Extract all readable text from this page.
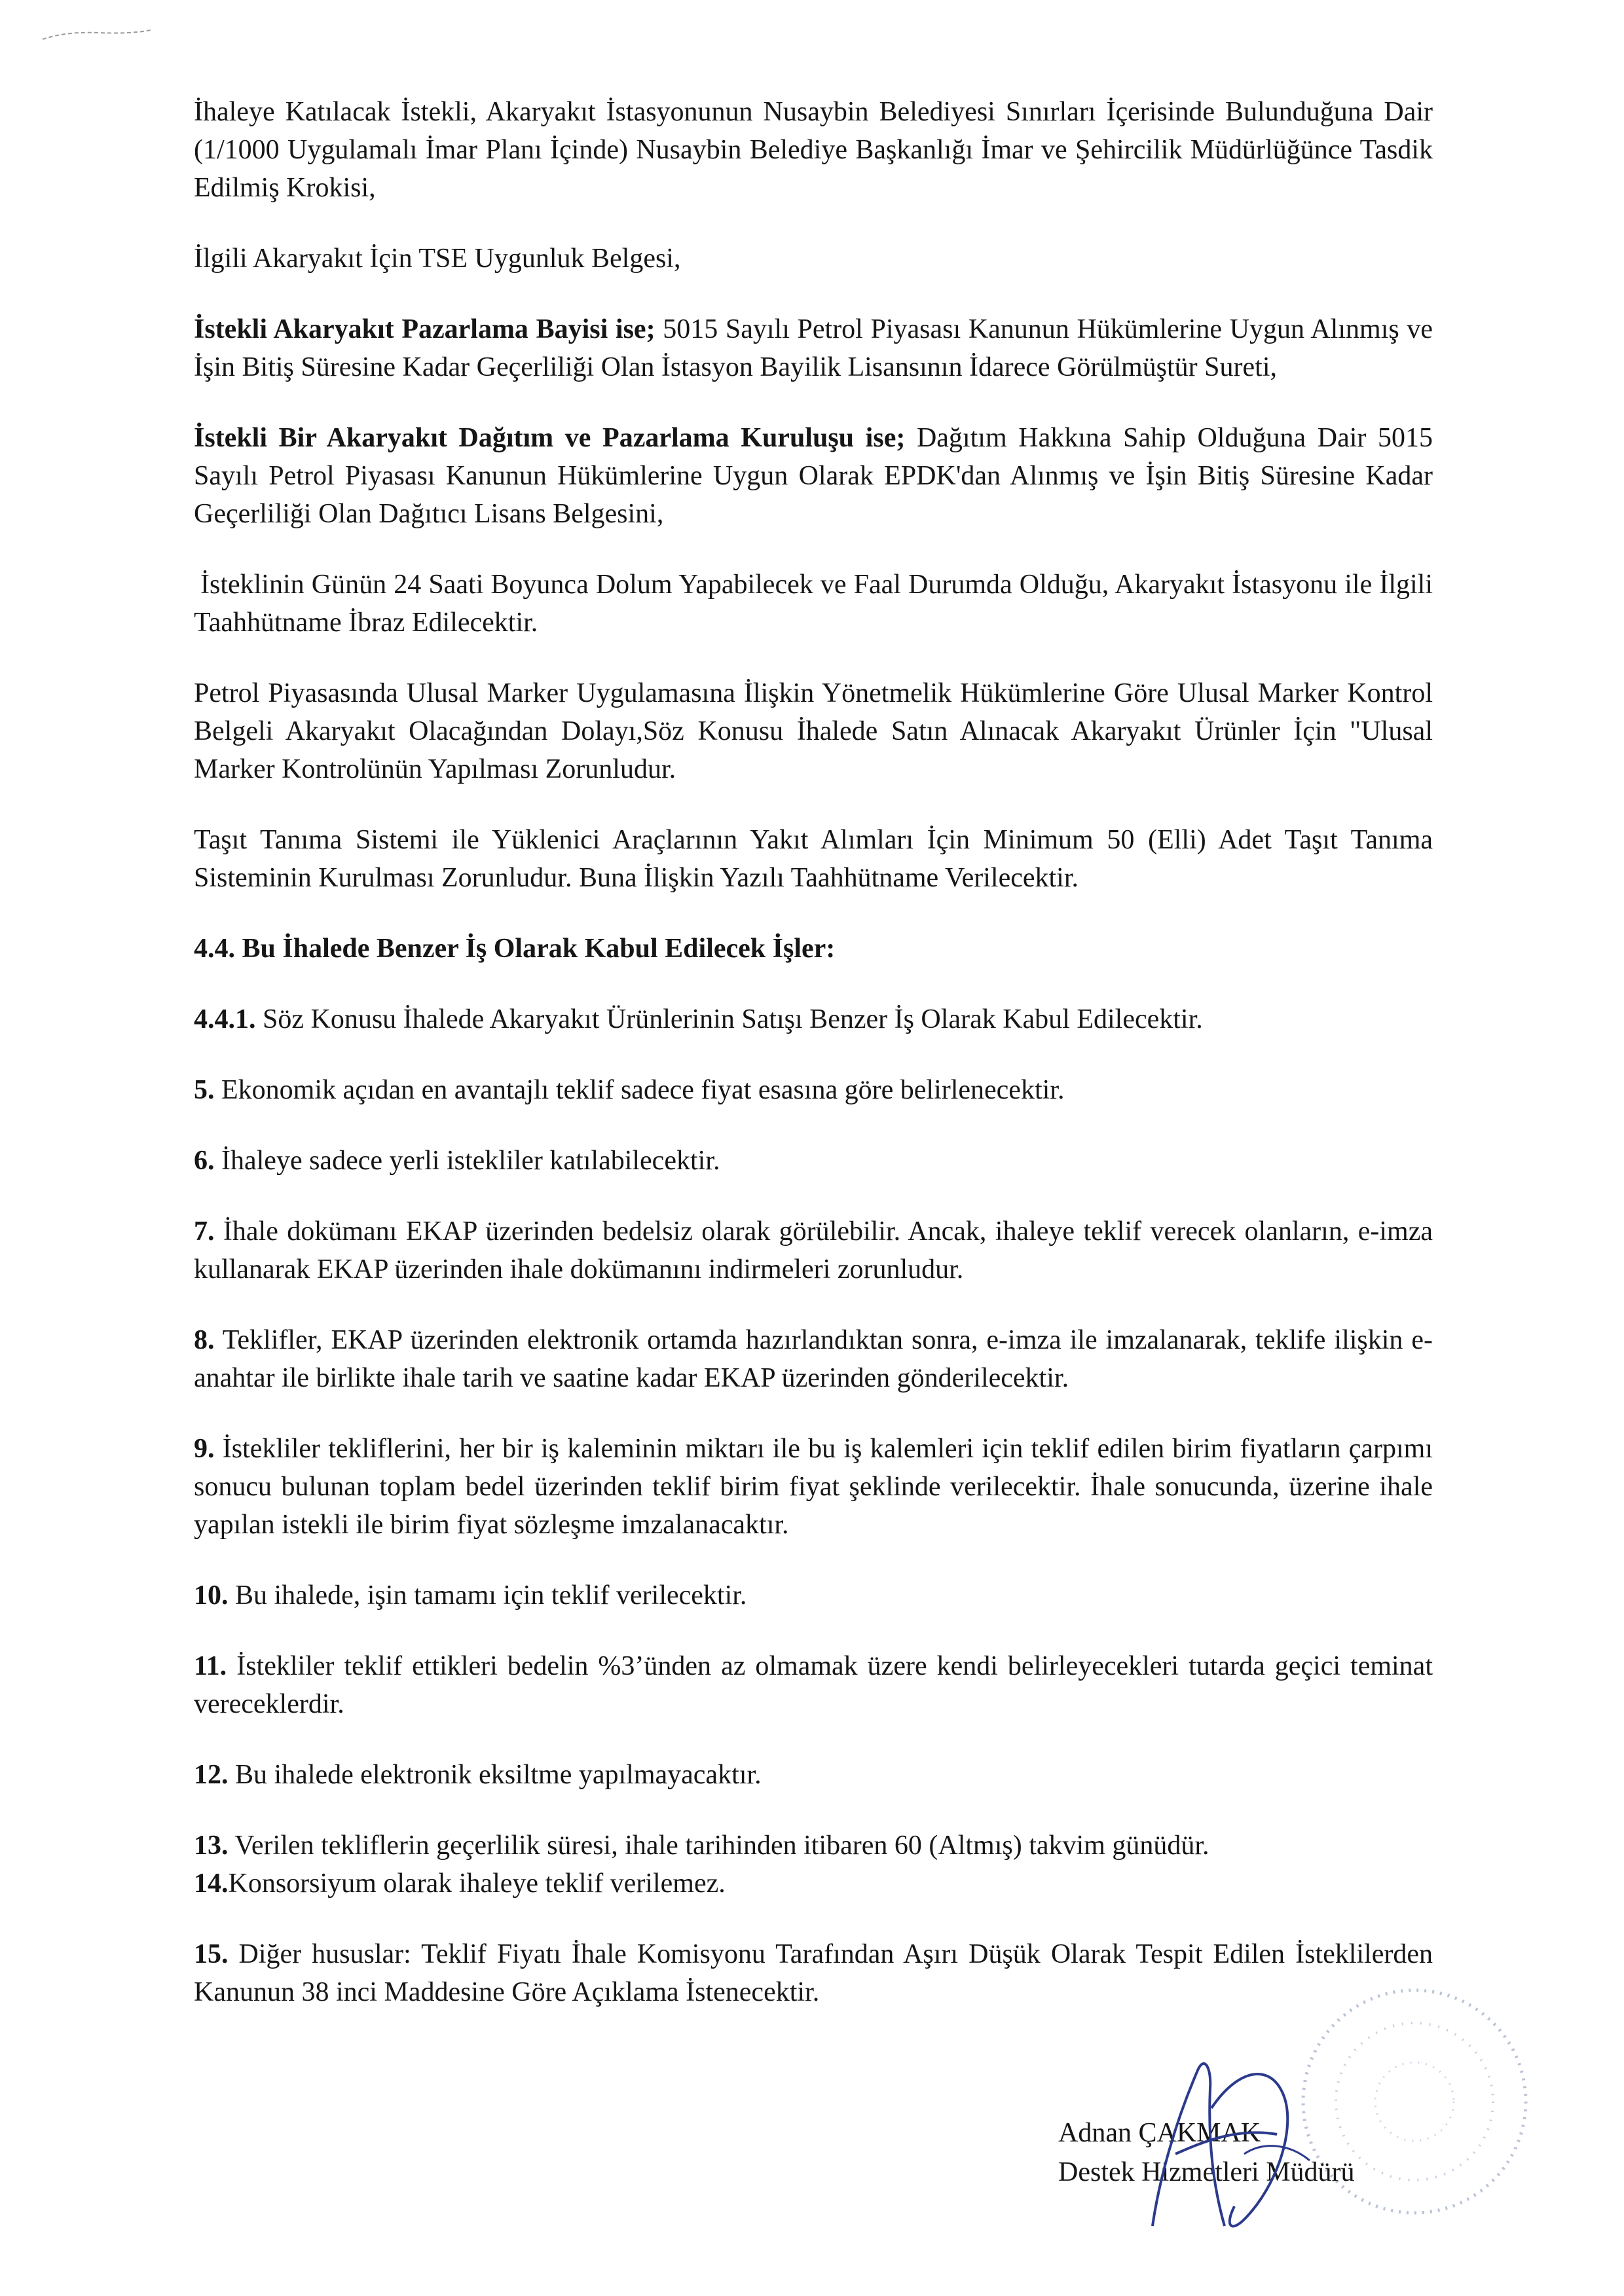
İhaleye Katılacak İstekli, Akaryakıt İstasyonunun Nusaybin Belediyesi Sınırları İçerisinde Bulunduğuna Dair (1/1000 Uygulamalı İmar Planı İçinde) Nusaybin Belediye Başkanlığı İmar ve Şehircilik Müdürlüğünce Tasdik Edilmiş Krokisi,

İlgili Akaryakıt İçin TSE Uygunluk Belgesi,

İstekli Akaryakıt Pazarlama Bayisi ise; 5015 Sayılı Petrol Piyasası Kanunun Hükümlerine Uygun Alınmış ve İşin Bitiş Süresine Kadar Geçerliliği Olan İstasyon Bayilik Lisansının İdarece Görülmüştür Sureti,

İstekli Bir Akaryakıt Dağıtım ve Pazarlama Kuruluşu ise; Dağıtım Hakkına Sahip Olduğuna Dair 5015 Sayılı Petrol Piyasası Kanunun Hükümlerine Uygun Olarak EPDK'dan Alınmış ve İşin Bitiş Süresine Kadar Geçerliliği Olan Dağıtıcı Lisans Belgesini,

İsteklinin Günün 24 Saati Boyunca Dolum Yapabilecek ve Faal Durumda Olduğu, Akaryakıt İstasyonu ile İlgili Taahhütname İbraz Edilecektir.

Petrol Piyasasında Ulusal Marker Uygulamasına İlişkin Yönetmelik Hükümlerine Göre Ulusal Marker Kontrol Belgeli Akaryakıt Olacağından Dolayı,Söz Konusu İhalede Satın Alınacak Akaryakıt Ürünler İçin "Ulusal Marker Kontrolünün Yapılması Zorunludur.

Taşıt Tanıma Sistemi ile Yüklenici Araçlarının Yakıt Alımları İçin Minimum 50 (Elli) Adet Taşıt Tanıma Sisteminin Kurulması Zorunludur. Buna İlişkin Yazılı Taahhütname Verilecektir.

4.4. Bu İhalede Benzer İş Olarak Kabul Edilecek İşler:

4.4.1. Söz Konusu İhalede Akaryakıt Ürünlerinin Satışı Benzer İş Olarak Kabul Edilecektir.

5. Ekonomik açıdan en avantajlı teklif sadece fiyat esasına göre belirlenecektir.

6. İhaleye sadece yerli istekliler katılabilecektir.

7. İhale dokümanı EKAP üzerinden bedelsiz olarak görülebilir. Ancak, ihaleye teklif verecek olanların, e-imza kullanarak EKAP üzerinden ihale dokümanını indirmeleri zorunludur.

8. Teklifler, EKAP üzerinden elektronik ortamda hazırlandıktan sonra, e-imza ile imzalanarak, teklife ilişkin e-anahtar ile birlikte ihale tarih ve saatine kadar EKAP üzerinden gönderilecektir.

9. İstekliler tekliflerini, her bir iş kaleminin miktarı ile bu iş kalemleri için teklif edilen birim fiyatların çarpımı sonucu bulunan toplam bedel üzerinden teklif birim fiyat şeklinde verilecektir. İhale sonucunda, üzerine ihale yapılan istekli ile birim fiyat sözleşme imzalanacaktır.

10. Bu ihalede, işin tamamı için teklif verilecektir.

11. İstekliler teklif ettikleri bedelin %3’ünden az olmamak üzere kendi belirleyecekleri tutarda geçici teminat vereceklerdir.

12. Bu ihalede elektronik eksiltme yapılmayacaktır.

13. Verilen tekliflerin geçerlilik süresi, ihale tarihinden itibaren 60 (Altmış) takvim günüdür.

14.Konsorsiyum olarak ihaleye teklif verilemez.

15. Diğer hususlar: Teklif Fiyatı İhale Komisyonu Tarafından Aşırı Düşük Olarak Tespit Edilen İsteklilerden Kanunun 38 inci Maddesine Göre Açıklama İstenecektir.

Adnan ÇAKMAK
Destek Hizmetleri Müdürü
